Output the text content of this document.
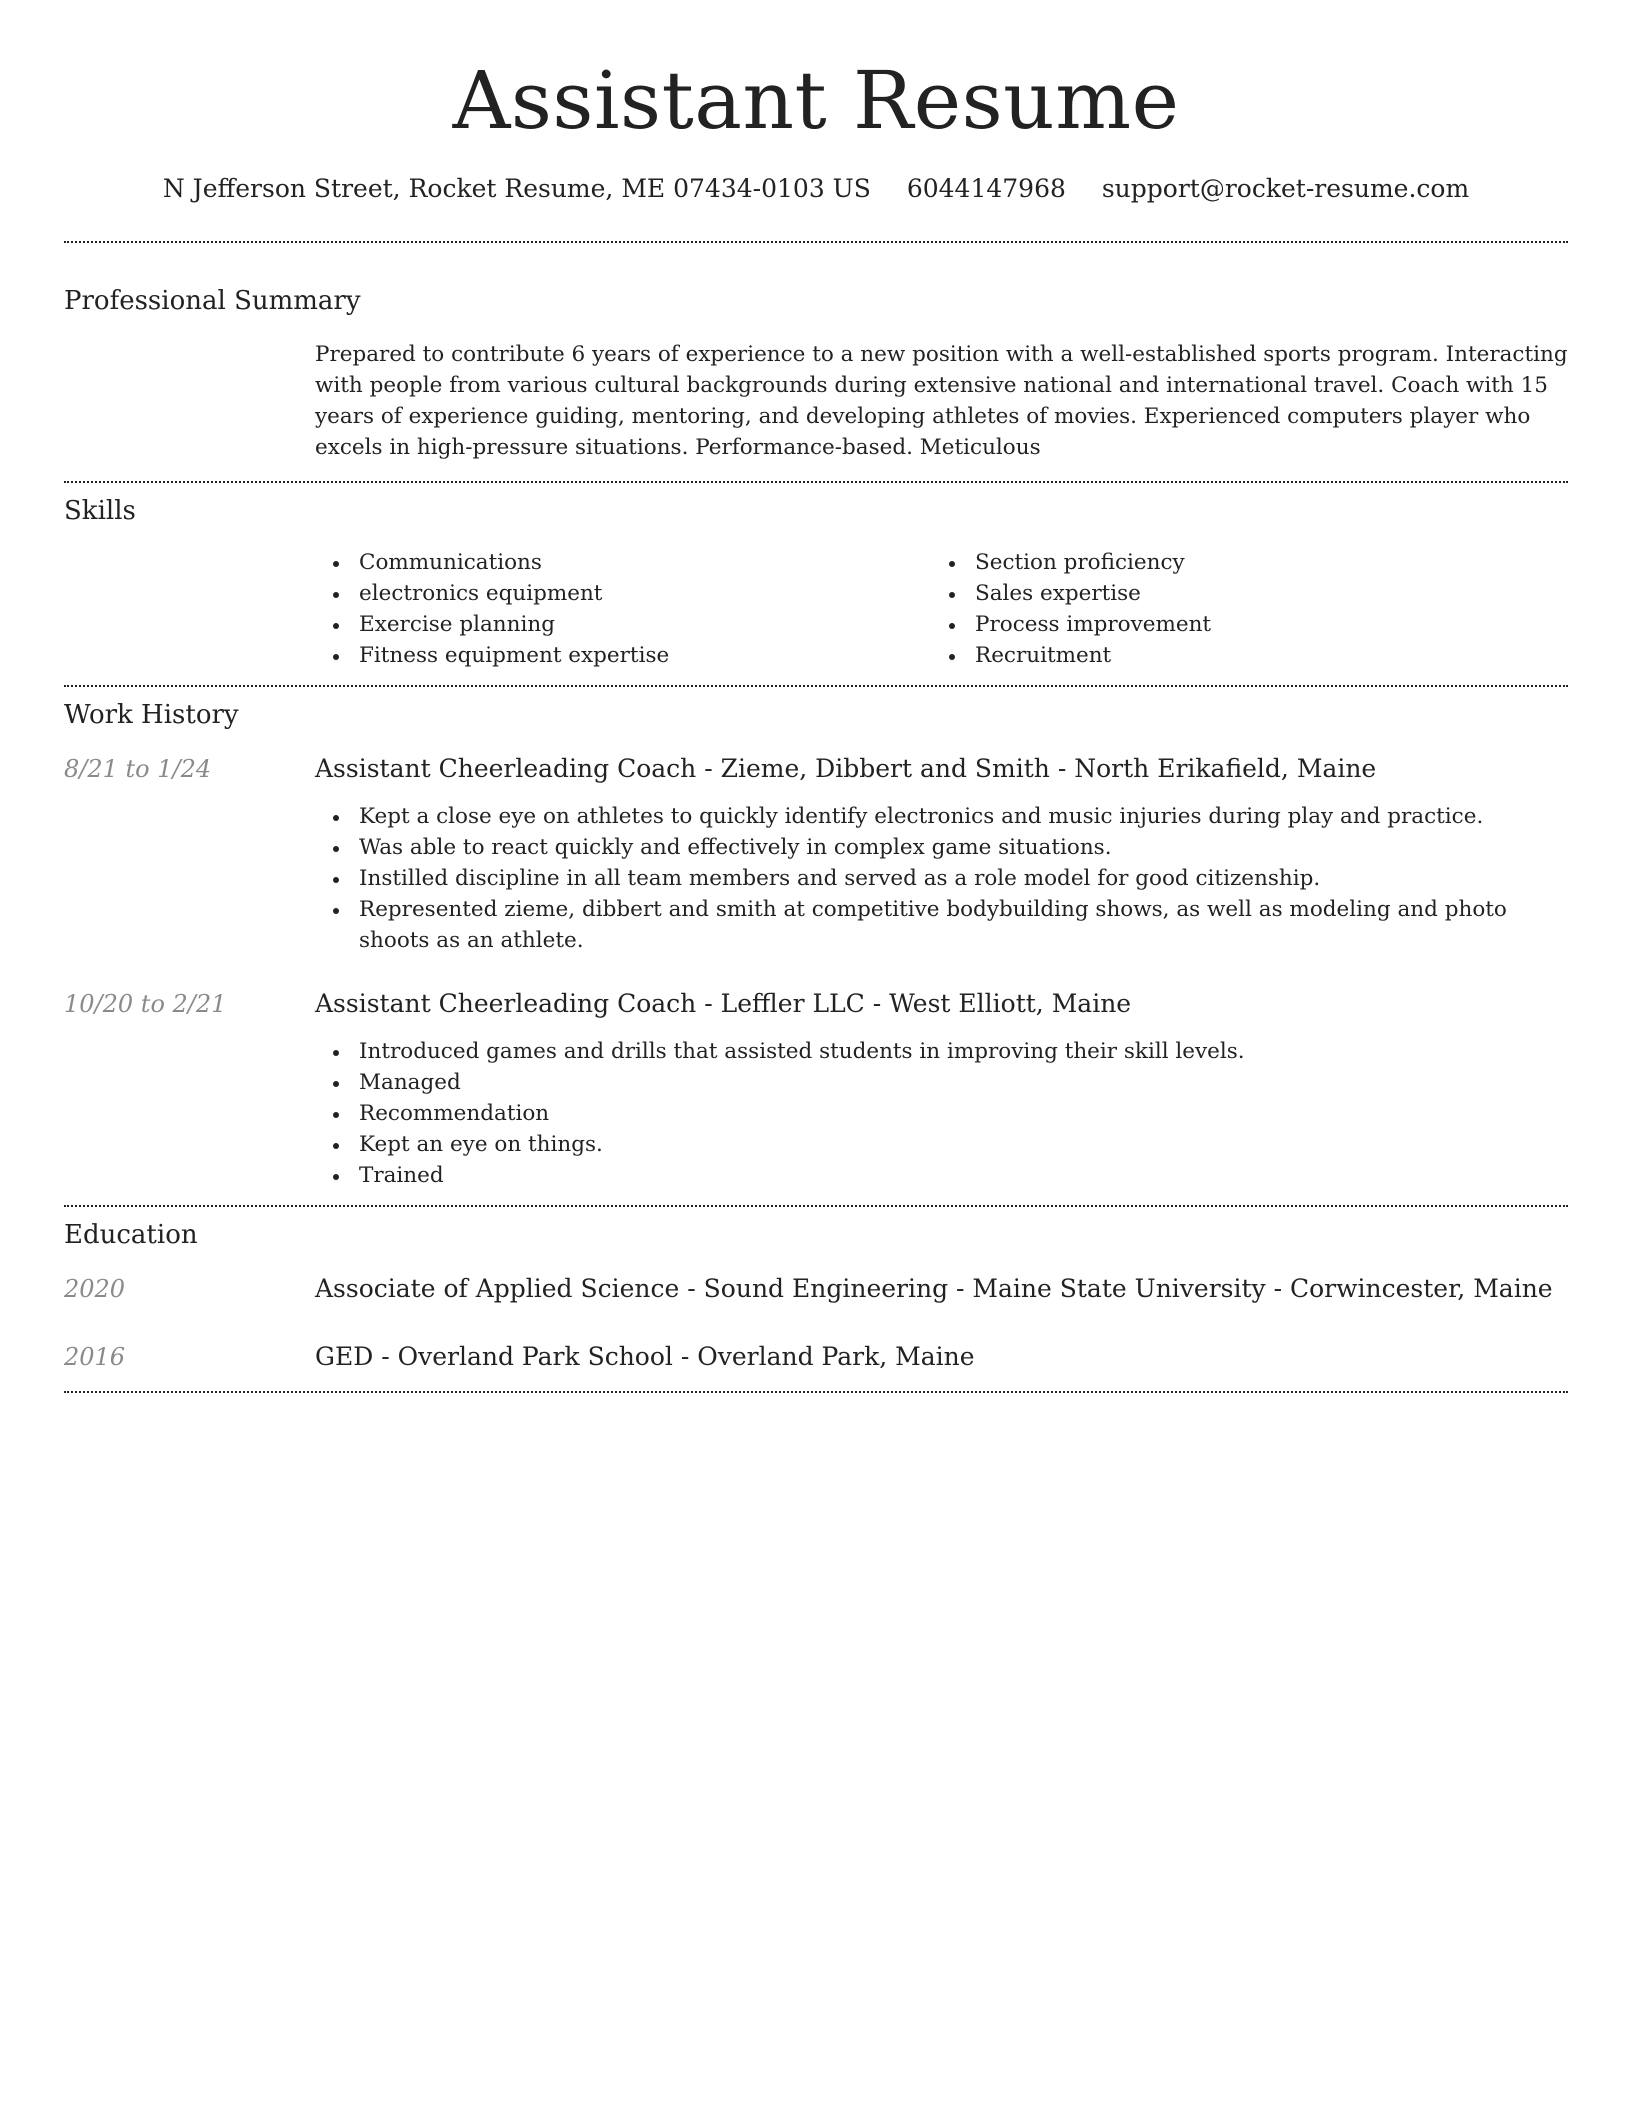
Assistant Resume
N Jefferson Street, Rocket Resume, ME 07434-0103 US 6044147968 support@rocket-resume.com
Professional Summary

Prepared to contribute 6 years of experience to a new position with a well-established sports program. Interacting with people from various cultural backgrounds during extensive national and international travel. Coach with 15 years of experience guiding, mentoring, and developing athletes of movies. Experienced computers player who excels in high-pressure situations. Performance-based. Meticulous

Skills
Communications
electronics equipment
Exercise planning
Fitness equipment expertise
Section proficiency
Sales expertise
Process improvement
Recruitment
Work History
8/21 to 1/24	Assistant Cheerleading Coach - Zieme, Dibbert and Smith - North Erikafield, Maine
Kept a close eye on athletes to quickly identify electronics and music injuries during play and practice.
Was able to react quickly and effectively in complex game situations.
Instilled discipline in all team members and served as a role model for good citizenship.
Represented zieme, dibbert and smith at competitive bodybuilding shows, as well as modeling and photo shoots as an athlete.
10/20 to 2/21	Assistant Cheerleading Coach - Leffler LLC - West Elliott, Maine
Introduced games and drills that assisted students in improving their skill levels.
Managed
Recommendation
Kept an eye on things.
Trained
Education
2020	Associate of Applied Science - Sound Engineering - Maine State University - Corwincester, Maine
2016	GED - Overland Park School - Overland Park, Maine
